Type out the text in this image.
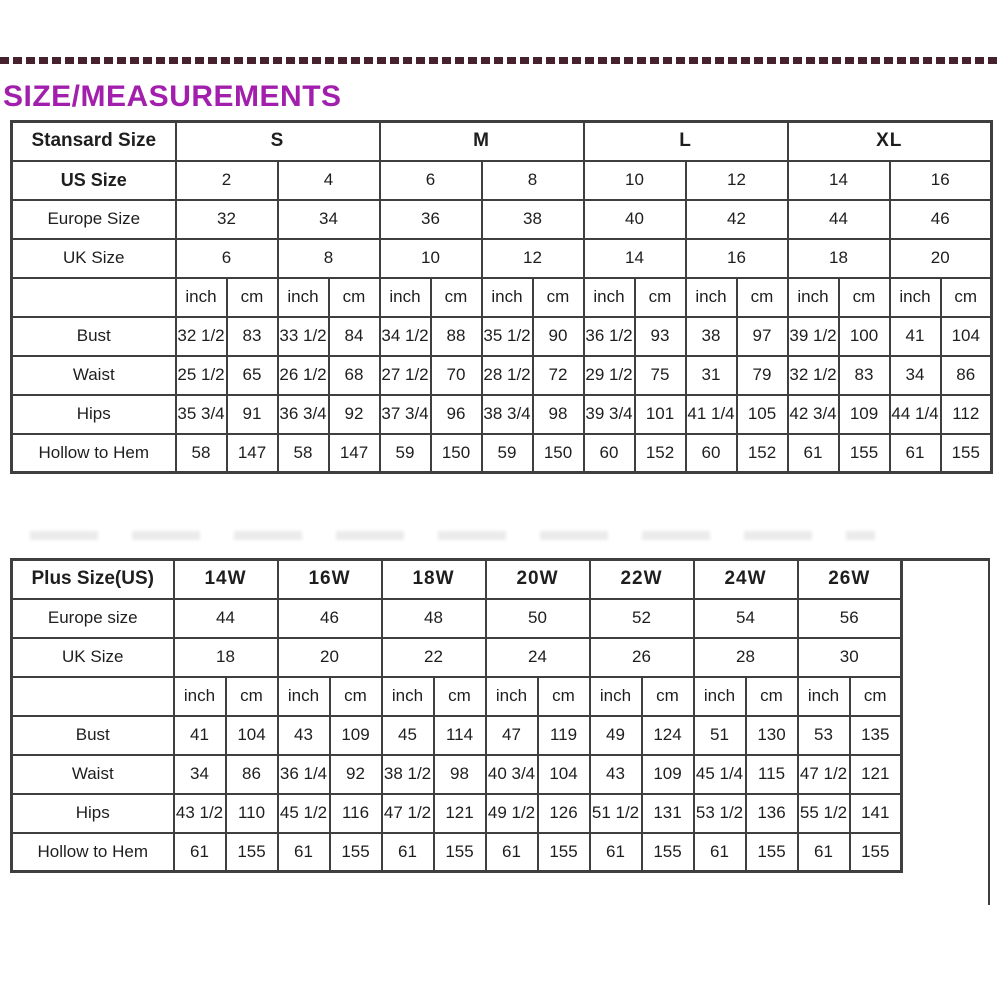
SIZE/MEASUREMENTS
Stansard Size	S				M				L				XL			
US Size	2		4		6		8		10		12		14		16	
Europe Size	32		34		36		38		40		42		44		46	
UK Size	6		8		10		12		14		16		18		20	
	inch	cm	inch	cm	inch	cm	inch	cm	inch	cm	inch	cm	inch	cm	inch	cm
Bust	32 1/2	83	33 1/2	84	34 1/2	88	35 1/2	90	36 1/2	93	38	97	39 1/2	100	41	104
Waist	25 1/2	65	26 1/2	68	27 1/2	70	28 1/2	72	29 1/2	75	31	79	32 1/2	83	34	86
Hips	35 3/4	91	36 3/4	92	37 3/4	96	38 3/4	98	39 3/4	101	41 1/4	105	42 3/4	109	44 1/4	112
Hollow to Hem	58	147	58	147	59	150	59	150	60	152	60	152	61	155	61	155
Plus Size(US)	14W		16W		18W		20W		22W		24W		26W	
Europe size	44		46		48		50		52		54		56	
UK Size	18		20		22		24		26		28		30	
	inch	cm	inch	cm	inch	cm	inch	cm	inch	cm	inch	cm	inch	cm
Bust	41	104	43	109	45	114	47	119	49	124	51	130	53	135
Waist	34	86	36 1/4	92	38 1/2	98	40 3/4	104	43	109	45 1/4	115	47 1/2	121
Hips	43 1/2	110	45 1/2	116	47 1/2	121	49 1/2	126	51 1/2	131	53 1/2	136	55 1/2	141
Hollow to Hem	61	155	61	155	61	155	61	155	61	155	61	155	61	155
